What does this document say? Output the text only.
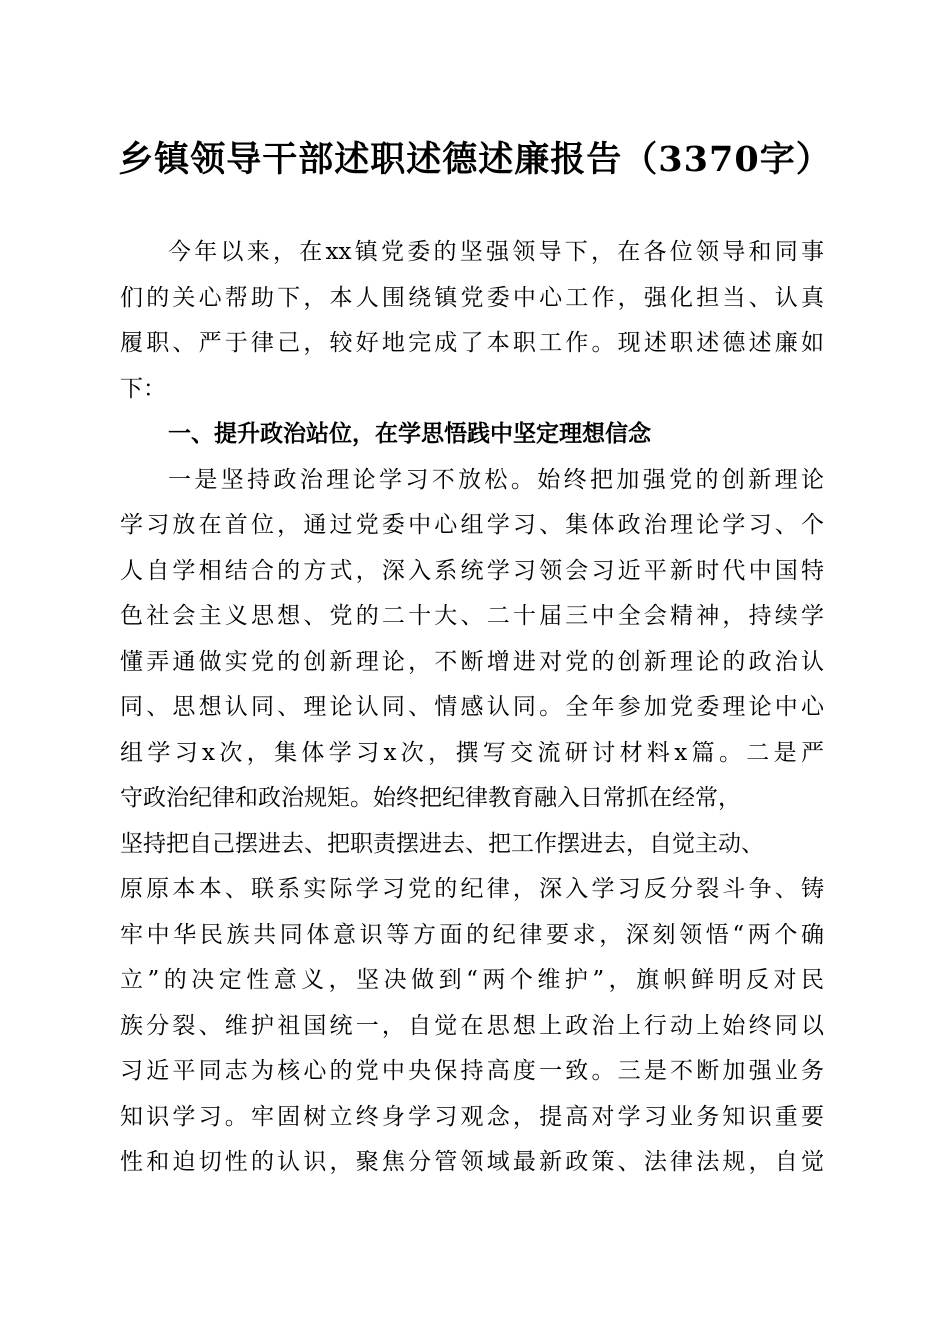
乡镇领导干部述职述德述廉报告（3370字）
今年以来，在xx镇党委的坚强领导下，在各位领导和同事
们的关心帮助下，本人围绕镇党委中心工作，强化担当、认真
履职、严于律己，较好地完成了本职工作。现述职述德述廉如
下：
一、提升政治站位，在学思悟践中坚定理想信念
一是坚持政治理论学习不放松。始终把加强党的创新理论
学习放在首位，通过党委中心组学习、集体政治理论学习、个
人自学相结合的方式，深入系统学习领会习近平新时代中国特
色社会主义思想、党的二十大、二十届三中全会精神，持续学
懂弄通做实党的创新理论，不断增进对党的创新理论的政治认
同、思想认同、理论认同、情感认同。全年参加党委理论中心
组学习x次，集体学习x次，撰写交流研讨材料x篇。二是严
守政治纪律和政治规矩。始终把纪律教育融入日常抓在经常，
坚持把自己摆进去、把职责摆进去、把工作摆进去，自觉主动、
原原本本、联系实际学习党的纪律，深入学习反分裂斗争、铸
牢中华民族共同体意识等方面的纪律要求，深刻领悟“两个确
立”的决定性意义，坚决做到“两个维护”，旗帜鲜明反对民
族分裂、维护祖国统一，自觉在思想上政治上行动上始终同以
习近平同志为核心的党中央保持高度一致。三是不断加强业务
知识学习。牢固树立终身学习观念，提高对学习业务知识重要
性和迫切性的认识，聚焦分管领域最新政策、法律法规，自觉
